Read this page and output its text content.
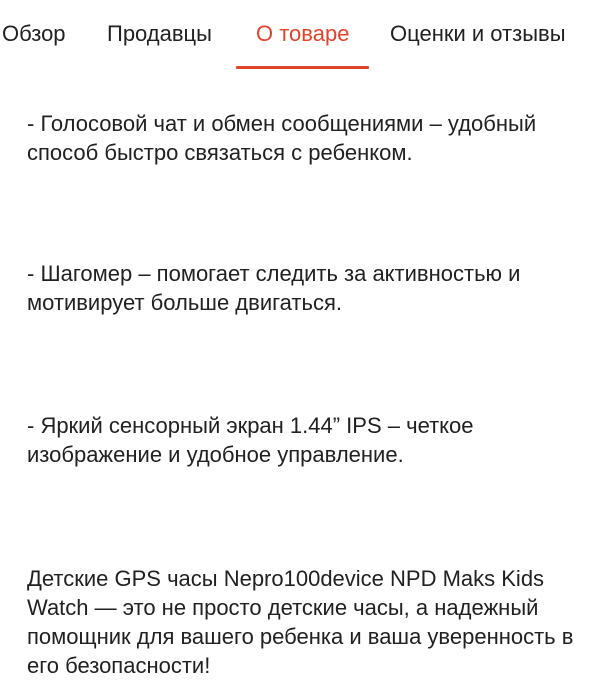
Обзор Продавцы О товаре Оценки и отзывы

- Голосовой чат и обмен сообщениями – удобный способ быстро связаться с ребенком.

- Шагомер – помогает следить за активностью и мотивирует больше двигаться.

- Яркий сенсорный экран 1.44” IPS – четкое изображение и удобное управление.

Детские GPS часы Nepro100device NPD Maks Kids Watch — это не просто детские часы, а надежный помощник для вашего ребенка и ваша уверенность в его безопасности!
